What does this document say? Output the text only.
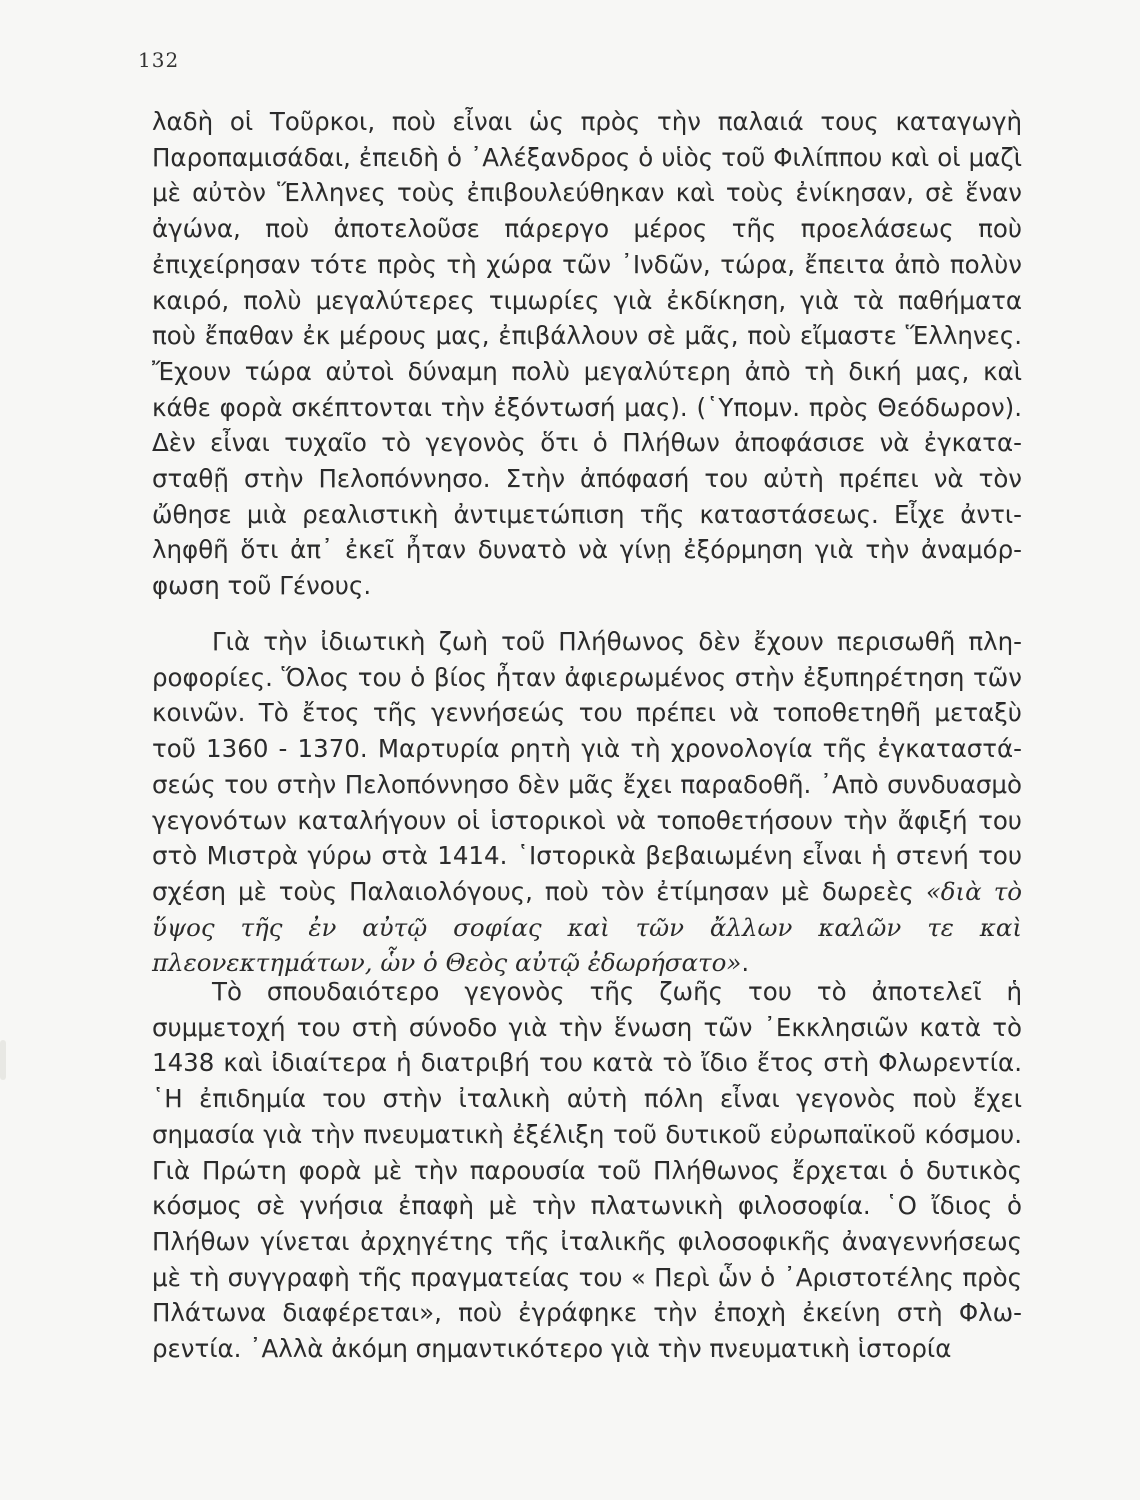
132

λαδὴ οἱ Τοῦρκοι, ποὺ εἶναι ὡς πρὸς τὴν παλαιά τους καταγωγὴ Παροπαμισάδαι, ἐπειδὴ ὁ ᾽Αλέξανδρος ὁ υἱὸς τοῦ Φιλίππου καὶ οἱ μαζὶ μὲ αὐτὸν Ἕλληνες τοὺς ἐπιβουλεύθηκαν καὶ τοὺς ἐνίκησαν, σὲ ἕναν ἀγώνα, ποὺ ἀποτελοῦσε πάρεργο μέρος τῆς προελάσεως ποὺ ἐπιχείρησαν τότε πρὸς τὴ χώρα τῶν ᾽Ινδῶν, τώρα, ἔπειτα ἀπὸ πολὺν καιρό, πολὺ μεγαλύτερες τιμωρίες γιὰ ἐκδίκηση, γιὰ τὰ παθήματα ποὺ ἔπαθαν ἐκ μέρους μας, ἐπιβάλλουν σὲ μᾶς, ποὺ εἴμαστε Ἕλληνες. Ἔχουν τώρα αὐτοὶ δύναμη πολὺ μεγαλύτερη ἀπὸ τὴ δική μας, καὶ κάθε φορὰ σκέπτονται τὴν ἐξόντωσή μας). (῾Υπομν. πρὸς Θεόδωρον). Δὲν εἶναι τυχαῖο τὸ γεγονὸς ὅτι ὁ Πλήθων ἀποφάσισε νὰ ἐγκατασταθῇ στὴν Πελοπόννησο. Στὴν ἀπόφασή του αὐτὴ πρέπει νὰ τὸν ὤθησε μιὰ ρεαλιστικὴ ἀντιμετώπιση τῆς καταστάσεως. Εἶχε ἀντιληφθῆ ὅτι ἀπ᾽ ἐκεῖ ἦταν δυνατὸ νὰ γίνῃ ἐξόρμηση γιὰ τὴν ἀναμόρφωση τοῦ Γένους.

Γιὰ τὴν ἰδιωτικὴ ζωὴ τοῦ Πλήθωνος δὲν ἔχουν περισωθῆ πληροφορίες. Ὅλος του ὁ βίος ἦταν ἀφιερωμένος στὴν ἐξυπηρέτηση τῶν κοινῶν. Τὸ ἔτος τῆς γεννήσεώς του πρέπει νὰ τοποθετηθῆ μεταξὺ τοῦ 1360 - 1370. Μαρτυρία ρητὴ γιὰ τὴ χρονολογία τῆς ἐγκαταστάσεώς του στὴν Πελοπόννησο δὲν μᾶς ἔχει παραδοθῆ. ᾽Απὸ συνδυασμὸ γεγονότων καταλήγουν οἱ ἱστορικοὶ νὰ τοποθετήσουν τὴν ἄφιξή του στὸ Μιστρὰ γύρω στὰ 1414. ῾Ιστορικὰ βεβαιωμένη εἶναι ἡ στενή του σχέση μὲ τοὺς Παλαιολόγους, ποὺ τὸν ἐτίμησαν μὲ δωρεὲς «διὰ τὸ ὕψος τῆς ἐν αὐτῷ σοφίας καὶ τῶν ἄλλων καλῶν τε καὶ πλεονεκτημάτων, ὧν ὁ Θεὸς αὐτῷ ἐδωρήσατο».

Τὸ σπουδαιότερο γεγονὸς τῆς ζωῆς του τὸ ἀποτελεῖ ἡ συμμετοχή του στὴ σύνοδο γιὰ τὴν ἕνωση τῶν ᾽Εκκλησιῶν κατὰ τὸ 1438 καὶ ἰδιαίτερα ἡ διατριβή του κατὰ τὸ ἴδιο ἔτος στὴ Φλωρεντία. ῾Η ἐπιδημία του στὴν ἰταλικὴ αὐτὴ πόλη εἶναι γεγονὸς ποὺ ἔχει σημασία γιὰ τὴν πνευματικὴ ἐξέλιξη τοῦ δυτικοῦ εὐρωπαϊκοῦ κόσμου. Γιὰ Πρώτη φορὰ μὲ τὴν παρουσία τοῦ Πλήθωνος ἔρχεται ὁ δυτικὸς κόσμος σὲ γνήσια ἐπαφὴ μὲ τὴν πλατωνικὴ φιλοσοφία. ῾Ο ἴδιος ὁ Πλήθων γίνεται ἀρχηγέτης τῆς ἰταλικῆς φιλοσοφικῆς ἀναγεννήσεως μὲ τὴ συγγραφὴ τῆς πραγματείας του « Περὶ ὧν ὁ ᾽Αριστοτέλης πρὸς Πλάτωνα διαφέρεται», ποὺ ἐγράφηκε τὴν ἐποχὴ ἐκείνη στὴ Φλωρεντία. ᾽Αλλὰ ἀκόμη σημαντικότερο γιὰ τὴν πνευματικὴ ἱστορία
